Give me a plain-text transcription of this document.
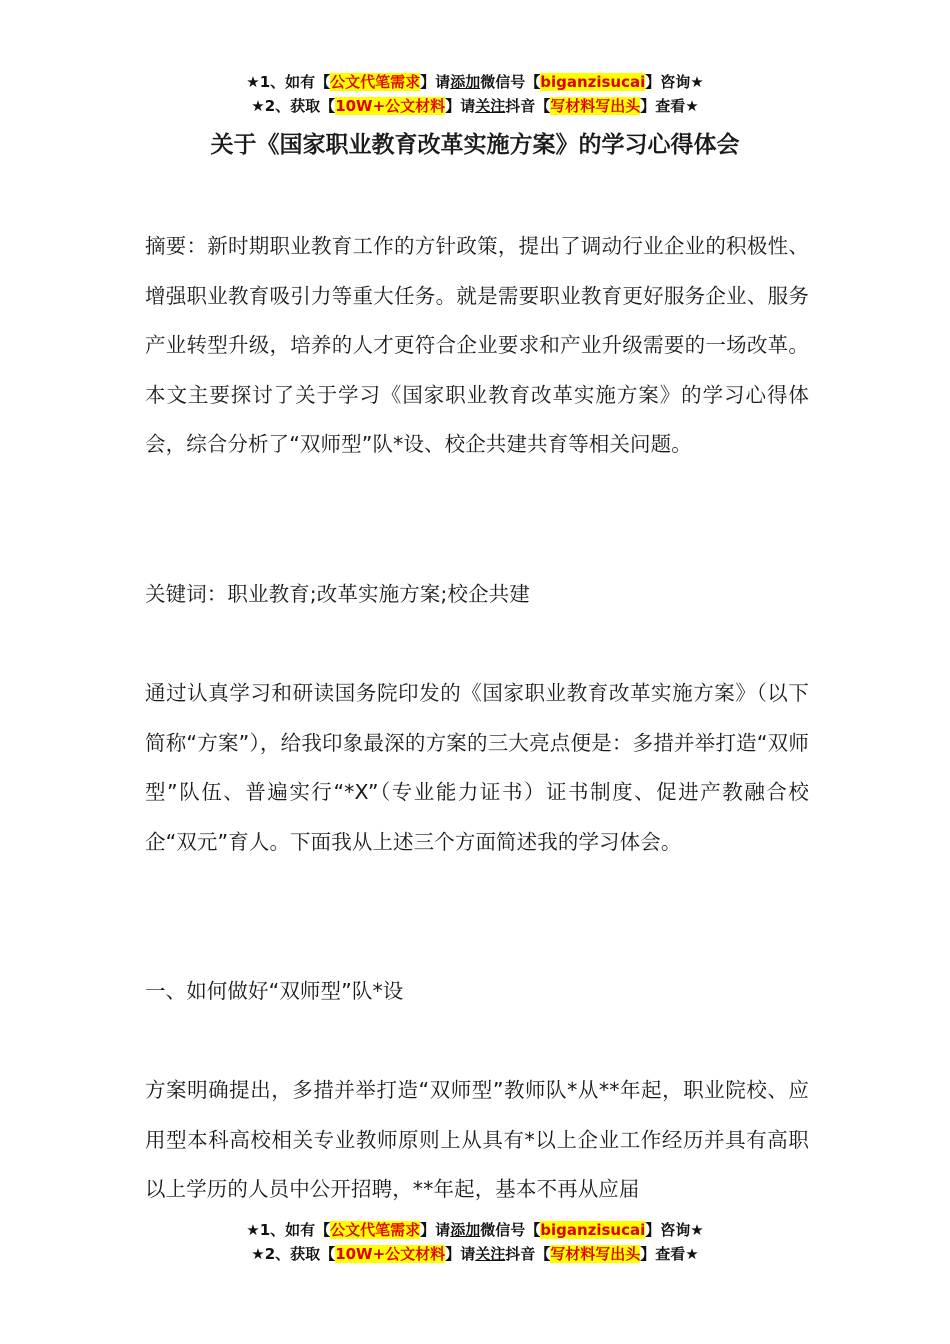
★1、如有【公文代笔需求】请添加微信号【biganzisucai】咨询★
★2、获取【10W+公文材料】请关注抖音【写材料写出头】查看★
关于《国家职业教育改革实施方案》的学习心得体会

摘要：新时期职业教育工作的方针政策，提出了调动行业企业的积极性、增强职业教育吸引力等重大任务。就是需要职业教育更好服务企业、服务产业转型升级，培养的人才更符合企业要求和产业升级需要的一场改革。本文主要探讨了关于学习《国家职业教育改革实施方案》的学习心得体会，综合分析了“双师型”队*设、校企共建共育等相关问题。

关键词：职业教育;改革实施方案;校企共建

通过认真学习和研读国务院印发的《国家职业教育改革实施方案》（以下简称“方案”），给我印象最深的方案的三大亮点便是：多措并举打造“双师型”队伍、普遍实行“*X”（专业能力证书）证书制度、促进产教融合校企“双元”育人。下面我从上述三个方面简述我的学习体会。

一、如何做好“双师型”队*设

方案明确提出，多措并举打造“双师型”教师队*从**年起，职业院校、应用型本科高校相关专业教师原则上从具有*以上企业工作经历并具有高职以上学历的人员中公开招聘，**年起，基本不再从应届

★1、如有【公文代笔需求】请添加微信号【biganzisucai】咨询★
★2、获取【10W+公文材料】请关注抖音【写材料写出头】查看★
